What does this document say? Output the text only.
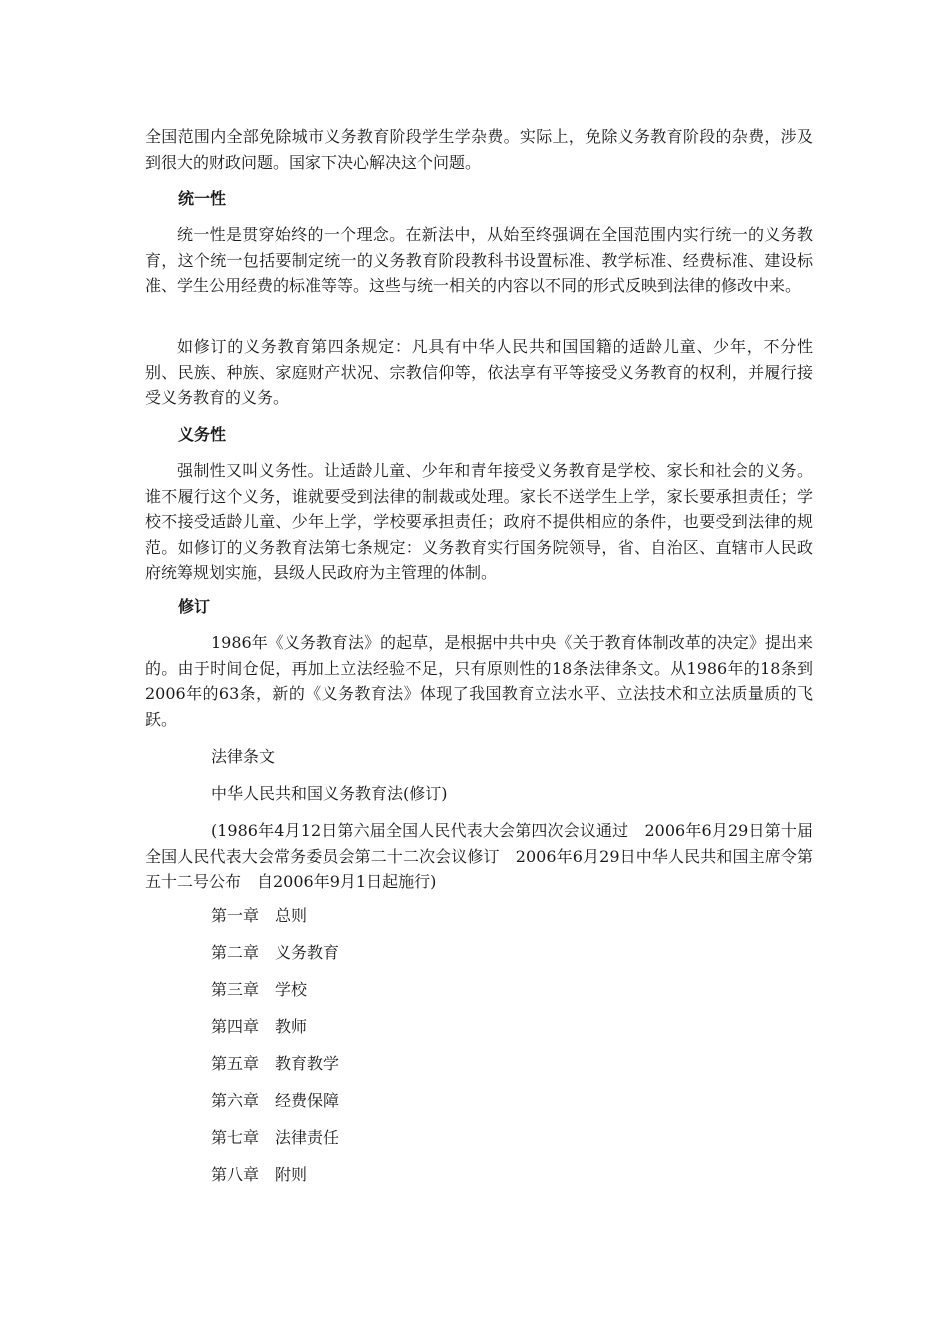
全国范围内全部免除城市义务教育阶段学生学杂费。实际上，免除义务教育阶段的杂费，涉及到很大的财政问题。国家下决心解决这个问题。

统一性

统一性是贯穿始终的一个理念。在新法中，从始至终强调在全国范围内实行统一的义务教育，这个统一包括要制定统一的义务教育阶段教科书设置标准、教学标准、经费标准、建设标准、学生公用经费的标准等等。这些与统一相关的内容以不同的形式反映到法律的修改中来。

如修订的义务教育第四条规定：凡具有中华人民共和国国籍的适龄儿童、少年，不分性别、民族、种族、家庭财产状况、宗教信仰等，依法享有平等接受义务教育的权利，并履行接受义务教育的义务。

义务性

强制性又叫义务性。让适龄儿童、少年和青年接受义务教育是学校、家长和社会的义务。谁不履行这个义务，谁就要受到法律的制裁或处理。家长不送学生上学，家长要承担责任；学校不接受适龄儿童、少年上学，学校要承担责任；政府不提供相应的条件，也要受到法律的规范。如修订的义务教育法第七条规定：义务教育实行国务院领导，省、自治区、直辖市人民政府统筹规划实施，县级人民政府为主管理的体制。

修订

1986年《义务教育法》的起草，是根据中共中央《关于教育体制改革的决定》提出来的。由于时间仓促，再加上立法经验不足，只有原则性的18条法律条文。从1986年的18条到2006年的63条，新的《义务教育法》体现了我国教育立法水平、立法技术和立法质量质的飞跃。

法律条文

中华人民共和国义务教育法(修订)

(1986年4月12日第六届全国人民代表大会第四次会议通过　2006年6月29日第十届全国人民代表大会常务委员会第二十二次会议修订　2006年6月29日中华人民共和国主席令第五十二号公布　自2006年9月1日起施行)

第一章　总则

第二章　义务教育

第三章　学校

第四章　教师

第五章　教育教学

第六章　经费保障

第七章　法律责任

第八章　附则
